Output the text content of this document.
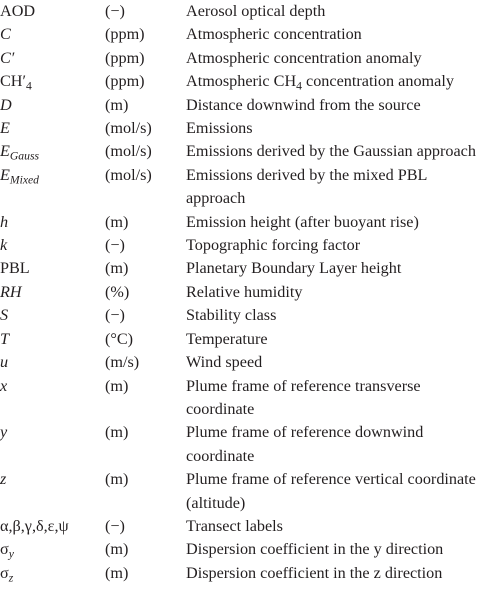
AOD	(−)	Aerosol optical depth
C	(ppm)	Atmospheric concentration
C′	(ppm)	Atmospheric concentration anomaly
$CH'_4$	(ppm)	Atmospheric $CH_4$ concentration anomaly
D	(m)	Distance downwind from the source
E	(mol/s)	Emissions
$E_{Gauss}$	(mol/s)	Emissions derived by the Gaussian approach
$E_{Mixed}$	(mol/s)	Emissions derived by the mixed PBL approach
h	(m)	Emission height (after buoyant rise)
k	(−)	Topographic forcing factor
PBL	(m)	Planetary Boundary Layer height
RH	(%)	Relative humidity
S	(−)	Stability class
T	(°C)	Temperature
u	(m/s)	Wind speed
x	(m)	Plume frame of reference transverse coordinate
y	(m)	Plume frame of reference downwind coordinate
z	(m)	Plume frame of reference vertical coordinate (altitude)
α,β,γ,δ,ε,ψ	(−)	Transect labels
$\sigma_y$	(m)	Dispersion coefficient in the y direction
$\sigma_z$	(m)	Dispersion coefficient in the z direction
